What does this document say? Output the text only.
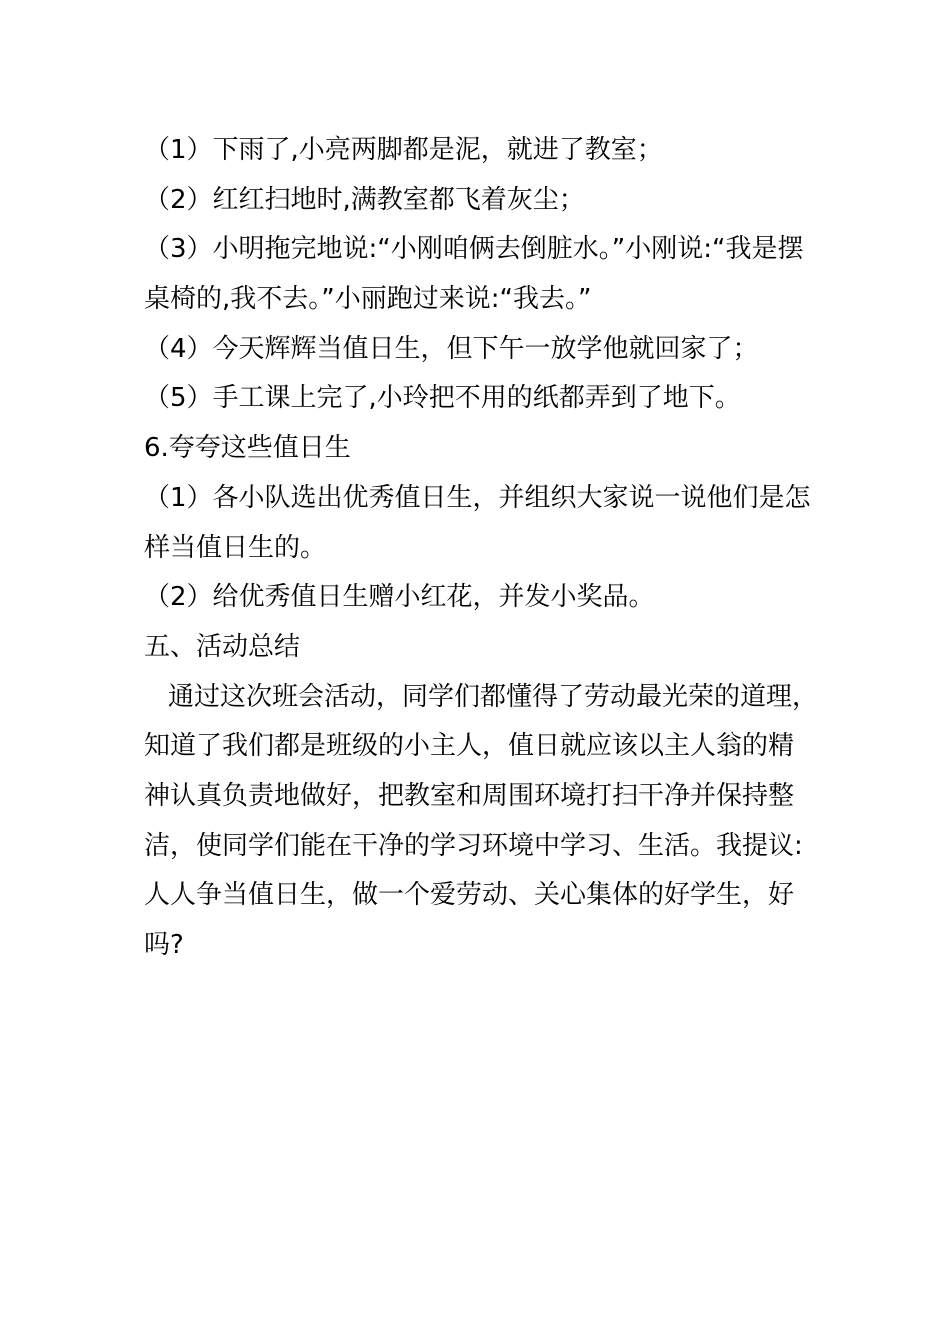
（1）下雨了,小亮两脚都是泥，就进了教室；
（2）红红扫地时,满教室都飞着灰尘；
（3）小明拖完地说:“小刚咱俩去倒脏水。”小刚说:“我是摆
桌椅的,我不去。”小丽跑过来说:“我去。”
（4）今天辉辉当值日生，但下午一放学他就回家了；
（5）手工课上完了,小玲把不用的纸都弄到了地下。
6.夸夸这些值日生
（1）各小队选出优秀值日生，并组织大家说一说他们是怎
样当值日生的。
（2）给优秀值日生赠小红花，并发小奖品。
五、活动总结
通过这次班会活动，同学们都懂得了劳动最光荣的道理，
知道了我们都是班级的小主人，值日就应该以主人翁的精
神认真负责地做好，把教室和周围环境打扫干净并保持整
洁，使同学们能在干净的学习环境中学习、生活。我提议:
人人争当值日生，做一个爱劳动、关心集体的好学生，好
吗?
